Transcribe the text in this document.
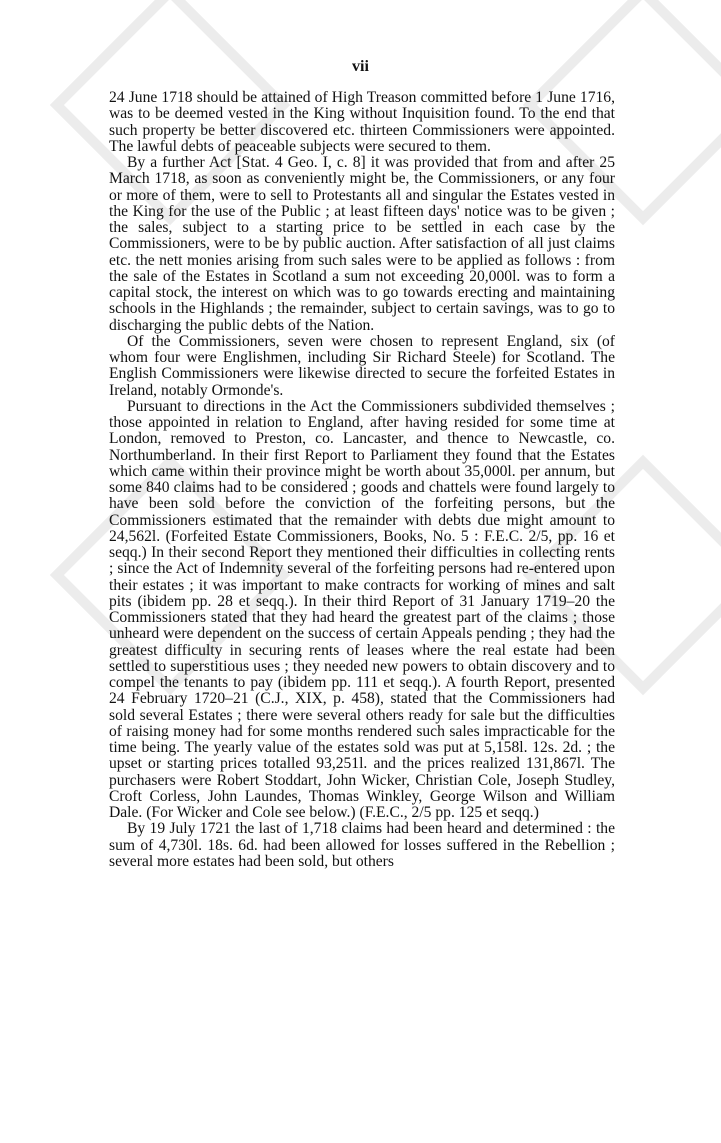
vii

24 June 1718 should be attained of High Treason committed before 1 June 1716, was to be deemed vested in the King without Inquisition found. To the end that such property be better discovered etc. thirteen Commissioners were appointed. The lawful debts of peaceable subjects were secured to them.

By a further Act [Stat. 4 Geo. I, c. 8] it was provided that from and after 25 March 1718, as soon as conveniently might be, the Commissioners, or any four or more of them, were to sell to Protestants all and singular the Estates vested in the King for the use of the Public ; at least fifteen days' notice was to be given ; the sales, subject to a starting price to be settled in each case by the Commissioners, were to be by public auction. After satisfaction of all just claims etc. the nett monies arising from such sales were to be applied as follows : from the sale of the Estates in Scotland a sum not exceeding 20,000l. was to form a capital stock, the interest on which was to go towards erecting and maintaining schools in the Highlands ; the remainder, subject to certain savings, was to go to discharging the public debts of the Nation.

Of the Commissioners, seven were chosen to represent England, six (of whom four were Englishmen, including Sir Richard Steele) for Scotland. The English Commissioners were likewise directed to secure the forfeited Estates in Ireland, notably Ormonde's.

Pursuant to directions in the Act the Commissioners subdivided themselves ; those appointed in relation to England, after having resided for some time at London, removed to Preston, co. Lancaster, and thence to Newcastle, co. Northumberland. In their first Report to Parliament they found that the Estates which came within their province might be worth about 35,000l. per annum, but some 840 claims had to be considered ; goods and chattels were found largely to have been sold before the conviction of the forfeiting persons, but the Commissioners estimated that the remainder with debts due might amount to 24,562l. (Forfeited Estate Commissioners, Books, No. 5 : F.E.C. 2/5, pp. 16 et seqq.) In their second Report they mentioned their difficulties in collecting rents ; since the Act of Indemnity several of the forfeiting persons had re-entered upon their estates ; it was important to make contracts for working of mines and salt pits (ibidem pp. 28 et seqq.). In their third Report of 31 January 1719–20 the Commissioners stated that they had heard the greatest part of the claims ; those unheard were dependent on the success of certain Appeals pending ; they had the greatest difficulty in securing rents of leases where the real estate had been settled to superstitious uses ; they needed new powers to obtain discovery and to compel the tenants to pay (ibidem pp. 111 et seqq.). A fourth Report, presented 24 February 1720–21 (C.J., XIX, p. 458), stated that the Commissioners had sold several Estates ; there were several others ready for sale but the difficulties of raising money had for some months rendered such sales impracticable for the time being. The yearly value of the estates sold was put at 5,158l. 12s. 2d. ; the upset or starting prices totalled 93,251l. and the prices realized 131,867l. The purchasers were Robert Stoddart, John Wicker, Christian Cole, Joseph Studley, Croft Corless, John Laundes, Thomas Winkley, George Wilson and William Dale. (For Wicker and Cole see below.) (F.E.C., 2/5 pp. 125 et seqq.)

By 19 July 1721 the last of 1,718 claims had been heard and determined : the sum of 4,730l. 18s. 6d. had been allowed for losses suffered in the Rebellion ; several more estates had been sold, but others
